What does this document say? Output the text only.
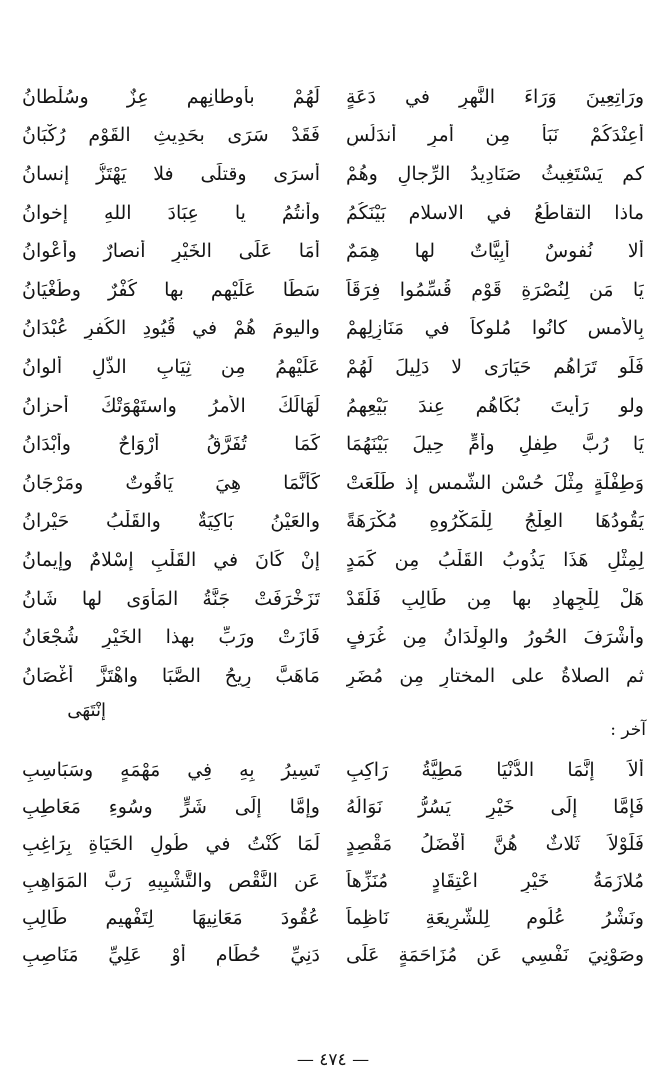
ورَاتِعِينَ وَرَاءَ النَّهرِ في دَعَةٍ
لَهُمْ بأوطانِهِم عِزٌ وسُلْطانُ
أعِنْدَكُمْ نَبَأٌ مِن أمرِ أندَلُسٍ
فَقَدْ سَرَى بحَدِيثِ القَوْمِ رُكْبَانُ
كم يَسْتَغِيثُ صَنَادِيدُ الرِّجالِ وهُمْ
أسرَى وقتلَى فلا يَهْتَزُّ إنسانُ
ماذا التقاطُعُ في الاسلامِ بَيْنَكُمُ
وأنتُمُ يا عِبَادَ اللهِ إخوانُ
ألا نُفوسٌ أبِيَّاتٌ لها هِمَمٌ
أمَا عَلَى الخَيْرِ أنصارٌ وأعْوانُ
يَا مَن لِنُصْرَةِ قَوْمٍ قُسِّمُوا فِرَقَاً
سَطَا عَلَيْهِم بها كُفْرٌ وطُغْيَانُ
بِالأمسِ كانُوا مُلوكاً في مَنَازِلِهِمْ
واليومَ هُمْ في قُيُودِ الكُفرِ عُبْدَانُ
فَلَو تَرَاهُم حَيَارَى لا دَلِيلَ لَهُمْ
عَلَيْهِمُ مِن ثِيَابِ الذُّلِ ألوانُ
ولو رَأيتَ بُكَاهُم عِندَ بَيْعِهِمُ
لَهَالَكَ الأمرُ واستَهْوَتْكَ أحزانُ
يَا رُبَّ طِفلٍ وأُمٍّ حِيلَ بَيْنَهُمَا
كَمَا تُفَرَّقُ أرْوَاحٌ وأبْدَانُ
وَطِفْلَةٍ مِثْلَ حُسْنِ الشَّمسِ إذ طَلَعَتْ
كَأنَّمَا هِيَ يَاقُوتٌ ومَرْجَانُ
يَقُودُهَا العِلْجُ لِلْمَكْرُوهِ مُكْرَهَةً
والعَيْنُ بَاكِيَةٌ والقَلْبُ حَيْرانُ
لِمِثْلِ هَذَا يَذُوبُ القَلْبُ مِن كَمَدٍ
إنْ كَانَ في القَلْبِ إسْلامٌ وإيمانُ
هَلْ لِلْجِهادِ بها مِن طَالِبٍ فَلَقَدْ
تَزَخْرَفَتْ جَنَّةُ المَأوَى لها شَانُ
وأشْرَفَ الحُورُ والوِلْدَانُ مِن غُرَفٍ
فَازَتْ ورَبِّ بهذا الخَيْرِ شُجْعَانُ
ثم الصلاةُ على المختارِ مِن مُضَرٍ
مَاهَبَّ رِيحُ الصَّبَا واهْتَزَّ أغْصَانُ
إنْتَهَى
آخر :
ألاَ إنَّمَا الدُّنْيَا مَطِيَّةُ رَاكِبٍ
تَسِيرُ بِهِ فِي مَهْمَهٍ وسَبَاسِبِ
فَإمَّا إلَى خَيْرٍ يَسُرُّ نَوَالُهُ
وإمَّا إلَى شَرٍّ وسُوءِ مَعَاطِبِ
فَلَوْلاَ ثَلاثٌ هُنَّ أفْضَلُ مَقْصِدٍ
لَمَا كُنْتُ في طُولِ الحَيَاةِ بِرَاغِبِ
مُلازَمَةُ خَيْرِ اعْتِقَادٍ مُنَزِّهاً
عَنِ النَّقْصِ والتَّشْبِيهِ رَبَّ المَوَاهِبِ
ونَشْرُ عُلُومٍ لِلشَّرِيعَةِ نَاظِماً
عُقُودَ مَعَانِيهَا لِتَفْهِيمِ طَالِبِ
وصَوْنِيَ نَفْسِي عَن مُزَاحَمَةٍ عَلَى
دَنِيِّ حُطَامٍ أوْ عَلِيِّ مَنَاصِبِ
— ٤٧٤ —
